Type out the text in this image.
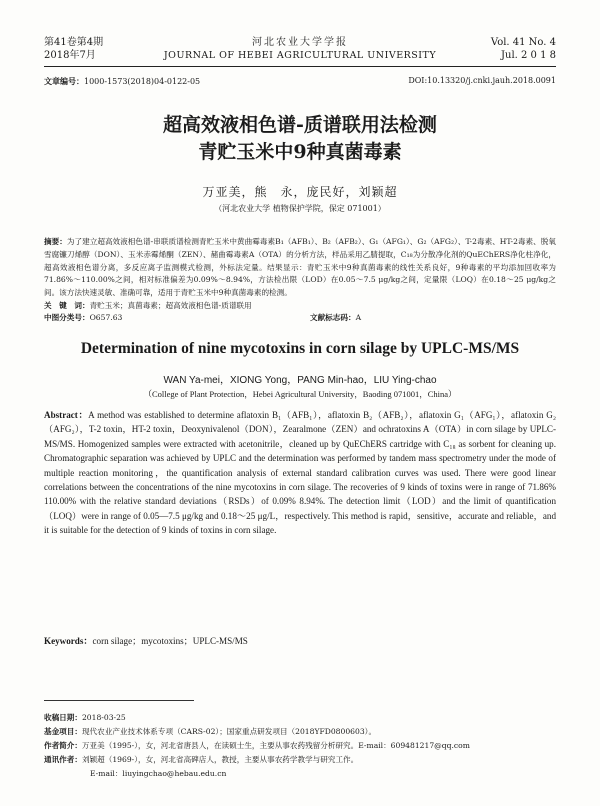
第41卷第4期
2018年7月
河北农业大学学报
JOURNAL OF HEBEI AGRICULTURAL UNIVERSITY
Vol. 41 No. 4
Jul. 2 0 1 8
文章编号：1000-1573(2018)04-0122-05	DOI:10.13320/j.cnki.jauh.2018.0091
超高效液相色谱-质谱联用法检测
青贮玉米中9种真菌毒素
万亚美，熊　永，庞民好，刘颖超
（河北农业大学 植物保护学院，保定 071001）
摘要：为了建立超高效液相色谱-串联质谱检测青贮玉米中黄曲霉毒素B₁（AFB₁）、B₂（AFB₂）、G₁（AFG₁）、G₂（AFG₂）、T-2毒素、HT-2毒素、脱氧雪腐镰刀烯醇（DON）、玉米赤霉烯酮（ZEN）、赭曲霉毒素A（OTA）的分析方法，样品采用乙腈提取，C₁₈为分散净化剂的QuEChERS净化柱净化，超高效液相色谱分离，多反应离子监测模式检测，外标法定量。结果显示：青贮玉米中9种真菌毒素的线性关系良好，9种毒素的平均添加回收率为71.86%～110.00%之间，相对标准偏差为0.09%～8.94%，方法检出限（LOD）在0.05～7.5 μg/kg之间，定量限（LOQ）在0.18～25 μg/kg之间。该方法快速灵敏、准确可靠，适用于青贮玉米中9种真菌毒素的检测。
关　键　词：青贮玉米；真菌毒素；超高效液相色谱-质谱联用
中图分类号：O657.63	文献标志码：A
Determination of nine mycotoxins in corn silage by UPLC-MS/MS
WAN Ya-mei，XIONG Yong，PANG Min-hao，LIU Ying-chao
（College of Plant Protection，Hebei Agricultural University，Baoding 071001，China）
Abstract：A method was established to determine aflatoxin B₁（AFB₁），aflatoxin B₂（AFB₂），aflatoxin G₁（AFG₁），aflatoxin G₂（AFG₂），T-2 toxin，HT-2 toxin，Deoxynivalenol（DON），Zearalmone（ZEN）and ochratoxins A（OTA）in corn silage by UPLC-MS/MS. Homogenized samples were extracted with acetonitrile，cleaned up by QuEChERS cartridge with C₁₈ as sorbent for cleaning up. Chromatographic separation was achieved by UPLC and the determination was performed by tandem mass spectrometry under the mode of multiple reaction monitoring，the quantification analysis of external standard calibration curves was used. There were good linear correlations between the concentrations of the nine mycotoxins in corn silage. The recoveries of 9 kinds of toxins were in range of 71.86% 110.00% with the relative standard deviations（RSDs）of 0.09% 8.94%. The detection limit（LOD）and the limit of quantification（LOQ）were in range of 0.05—7.5 μg/kg and 0.18～25 μg/L，respectively. This method is rapid，sensitive，accurate and reliable，and it is suitable for the detection of 9 kinds of toxins in corn silage.
Keywords：corn silage；mycotoxins；UPLC-MS/MS
收稿日期：2018-03-25
基金项目：现代农业产业技术体系专项（CARS-02）；国家重点研发项目（2018YFD0800603）。
作者简介：万亚美（1995-），女，河北省唐县人，在读硕士生，主要从事农药残留分析研究。E-mail：609481217@qq.com
通讯作者：刘颖超（1969-），女，河北省高碑店人，教授，主要从事农药学教学与研究工作。
E-mail：liuyingchao@hebau.edu.cn
